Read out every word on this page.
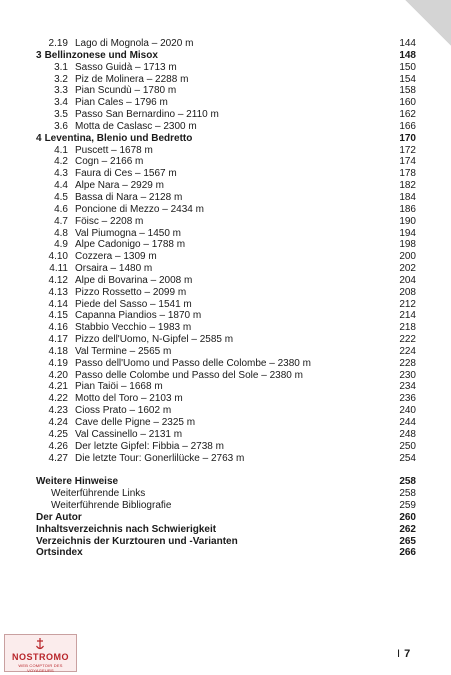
2.19 Lago di Mognola – 2020 m	144
3 Bellinzonese und Misox	148
3.1 Sasso Guidà – 1713 m	150
3.2 Piz de Molinera – 2288 m	154
3.3 Pian Scundù – 1780 m	158
3.4 Pian Cales – 1796 m	160
3.5 Passo San Bernardino – 2110 m	162
3.6 Motta de Caslasc – 2300 m	166
4 Leventina, Blenio und Bedretto	170
4.1 Puscett – 1678 m	172
4.2 Cogn – 2166 m	174
4.3 Faura di Ces – 1567 m	178
4.4 Alpe Nara – 2929 m	182
4.5 Bassa di Nara – 2128 m	184
4.6 Poncione di Mezzo – 2434 m	186
4.7 Föisc – 2208 m	190
4.8 Val Piumogna – 1450 m	194
4.9 Alpe Cadonigo – 1788 m	198
4.10 Cozzera – 1309 m	200
4.11 Orsaira – 1480 m	202
4.12 Alpe di Bovarina – 2008 m	204
4.13 Pizzo Rossetto – 2099 m	208
4.14 Piede del Sasso – 1541 m	212
4.15 Capanna Piandios – 1870 m	214
4.16 Stabbio Vecchio – 1983 m	218
4.17 Pizzo dell'Uomo, N-Gipfel – 2585 m	222
4.18 Val Termine – 2565 m	224
4.19 Passo dell'Uomo und Passo delle Colombe – 2380 m	228
4.20 Passo delle Colombe und Passo del Sole – 2380 m	230
4.21 Pian Taiöi – 1668 m	234
4.22 Motto del Toro – 2103 m	236
4.23 Cioss Prato – 1602 m	240
4.24 Cave delle Pigne – 2325 m	244
4.25 Val Cassinello – 2131 m	248
4.26 Der letzte Gipfel: Fibbia – 2738 m	250
4.27 Die letzte Tour: Gonerlilücke – 2763 m	254
Weitere Hinweise	258
Weiterführende Links	258
Weiterführende Bibliografie	259
Der Autor	260
Inhaltsverzeichnis nach Schwierigkeit	262
Verzeichnis der Kurztouren und -Varianten	265
Ortsindex	266
I 7
NOSTROMO
WEB COMPTOIR DES VOYAGEURS
